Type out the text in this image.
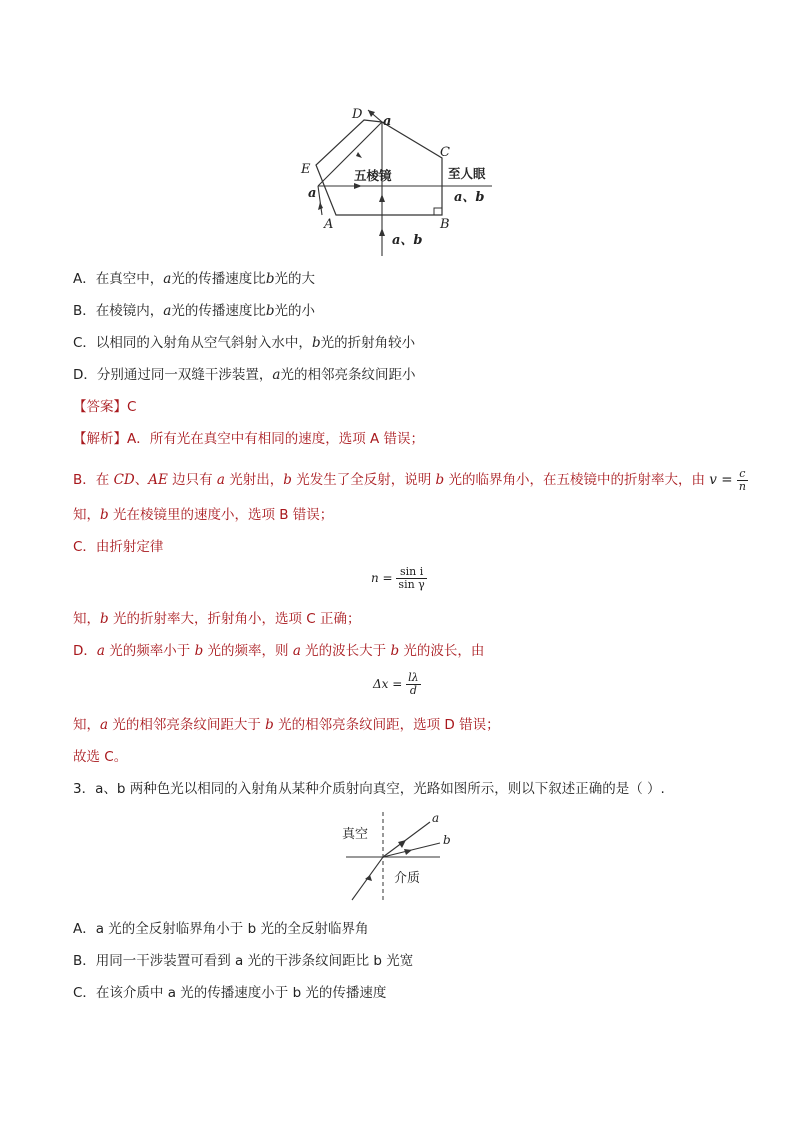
D a
C
E	五棱镜	至人眼
a	a、b
A	B
a、b
A．在真空中，a光的传播速度比b光的大
B．在棱镜内，a光的传播速度比b光的小
C．以相同的入射角从空气斜射入水中，b光的折射角较小
D．分别通过同一双缝干涉装置，a光的相邻亮条纹间距小
【答案】C
【解析】A．所有光在真空中有相同的速度，选项 A 错误；
B．在 CD、AE 边只有 a 光射出，b 光发生了全反射，说明 b 光的临界角小，在五棱镜中的折射率大，由 $v = \frac{c}{n}$
知，b 光在棱镜里的速度小，选项 B 错误；
C．由折射定律
$n = \frac{\text{sin i}}{\text{sin γ}}$
知，b 光的折射率大，折射角小，选项 C 正确；
D．a 光的频率小于 b 光的频率，则 a 光的波长大于 b 光的波长，由
$\Delta x = \frac{l\lambda}{d}$
知，a 光的相邻亮条纹间距大于 b 光的相邻亮条纹间距，选项 D 错误；
故选 C。
3．a、b 两种色光以相同的入射角从某种介质射向真空，光路如图所示，则以下叙述正确的是（ ）.
真空
介质
a
b
A．a 光的全反射临界角小于 b 光的全反射临界角
B．用同一干涉装置可看到 a 光的干涉条纹间距比 b 光宽
C．在该介质中 a 光的传播速度小于 b 光的传播速度
